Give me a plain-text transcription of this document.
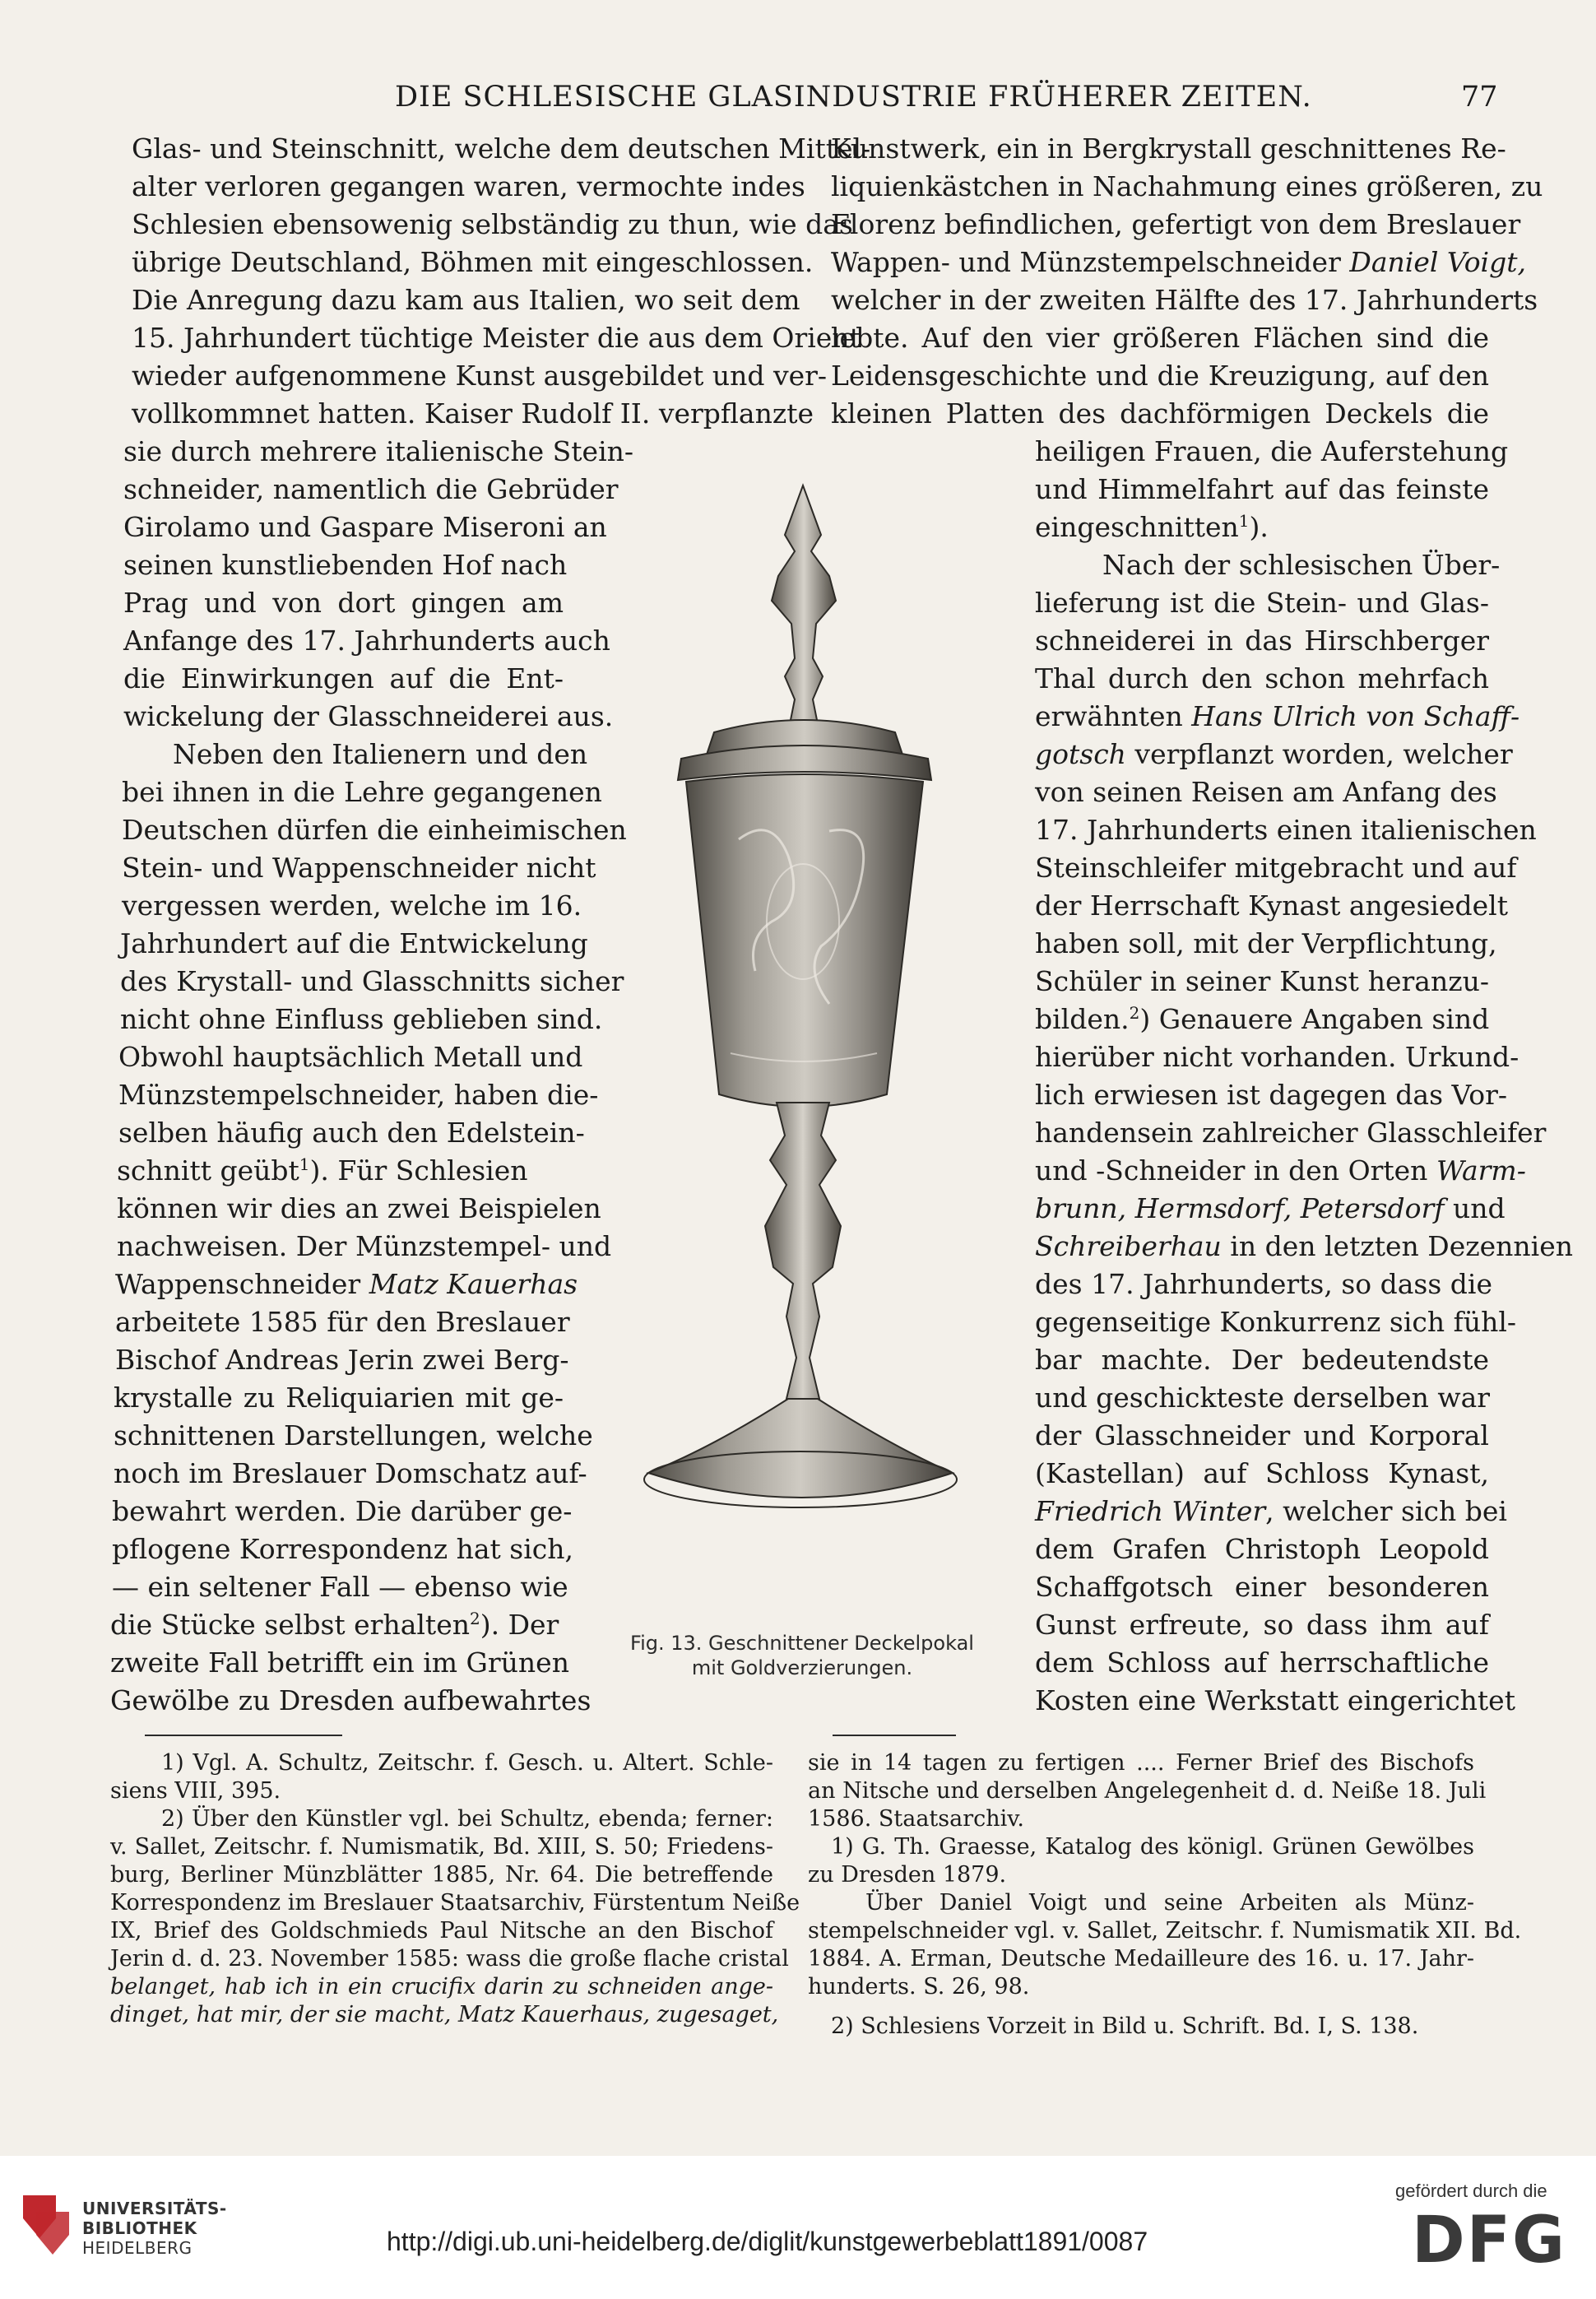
DIE SCHLESISCHE GLASINDUSTRIE FRÜHERER ZEITEN.	77
Glas- und Steinschnitt, welche dem deutschen Mittel-
alter verloren gegangen waren, vermochte indes
Schlesien ebensowenig selbständig zu thun, wie das
übrige Deutschland, Böhmen mit eingeschlossen.
Die Anregung dazu kam aus Italien, wo seit dem
15. Jahrhundert tüchtige Meister die aus dem Orient
wieder aufgenommene Kunst ausgebildet und ver-
vollkommnet hatten. Kaiser Rudolf II. verpflanzte
sie durch mehrere italienische Stein-
schneider, namentlich die Gebrüder
Girolamo und Gaspare Miseroni an
seinen kunstliebenden Hof nach
Prag und von dort gingen am
Anfange des 17. Jahrhunderts auch
die Einwirkungen auf die Ent-
wickelung der Glasschneiderei aus.
Neben den Italienern und den
bei ihnen in die Lehre gegangenen
Deutschen dürfen die einheimischen
Stein- und Wappenschneider nicht
vergessen werden, welche im 16.
Jahrhundert auf die Entwickelung
des Krystall- und Glasschnitts sicher
nicht ohne Einfluss geblieben sind.
Obwohl hauptsächlich Metall und
Münzstempelschneider, haben die-
selben häufig auch den Edelstein-
schnitt geübt$^1$). Für Schlesien
können wir dies an zwei Beispielen
nachweisen. Der Münzstempel- und
Wappenschneider Matz Kauerhas
arbeitete 1585 für den Breslauer
Bischof Andreas Jerin zwei Berg-
krystalle zu Reliquiarien mit ge-
schnittenen Darstellungen, welche
noch im Breslauer Domschatz auf-
bewahrt werden. Die darüber ge-
pflogene Korrespondenz hat sich,
— ein seltener Fall — ebenso wie
die Stücke selbst erhalten$^2$). Der
zweite Fall betrifft ein im Grünen
Gewölbe zu Dresden aufbewahrtes
Fig. 13. Geschnittener Deckelpokal
mit Goldverzierungen.
Kunstwerk, ein in Bergkrystall geschnittenes Re-
liquienkästchen in Nachahmung eines größeren, zu
Florenz befindlichen, gefertigt von dem Breslauer
Wappen- und Münzstempelschneider Daniel Voigt,
welcher in der zweiten Hälfte des 17. Jahrhunderts
lebte. Auf den vier größeren Flächen sind die
Leidensgeschichte und die Kreuzigung, auf den
kleinen Platten des dachförmigen Deckels die
heiligen Frauen, die Auferstehung
und Himmelfahrt auf das feinste
eingeschnitten$^1$).
Nach der schlesischen Über-
lieferung ist die Stein- und Glas-
schneiderei in das Hirschberger
Thal durch den schon mehrfach
erwähnten Hans Ulrich von Schaff-
gotsch verpflanzt worden, welcher
von seinen Reisen am Anfang des
17. Jahrhunderts einen italienischen
Steinschleifer mitgebracht und auf
der Herrschaft Kynast angesiedelt
haben soll, mit der Verpflichtung,
Schüler in seiner Kunst heranzu-
bilden.$^2$) Genauere Angaben sind
hierüber nicht vorhanden. Urkund-
lich erwiesen ist dagegen das Vor-
handensein zahlreicher Glasschleifer
und -Schneider in den Orten Warm-
brunn, Hermsdorf, Petersdorf und
Schreiberhau in den letzten Dezennien
des 17. Jahrhunderts, so dass die
gegenseitige Konkurrenz sich fühl-
bar machte. Der bedeutendste
und geschickteste derselben war
der Glasschneider und Korporal
(Kastellan) auf Schloss Kynast,
Friedrich Winter, welcher sich bei
dem Grafen Christoph Leopold
Schaffgotsch einer besonderen
Gunst erfreute, so dass ihm auf
dem Schloss auf herrschaftliche
Kosten eine Werkstatt eingerichtet
1) Vgl. A. Schultz, Zeitschr. f. Gesch. u. Altert. Schle-
siens VIII, 395.
2) Über den Künstler vgl. bei Schultz, ebenda; ferner:
v. Sallet, Zeitschr. f. Numismatik, Bd. XIII, S. 50; Friedens-
burg, Berliner Münzblätter 1885, Nr. 64. Die betreffende
Korrespondenz im Breslauer Staatsarchiv, Fürstentum Neiße
IX, Brief des Goldschmieds Paul Nitsche an den Bischof
Jerin d. d. 23. November 1585: wass die große flache cristal
belanget, hab ich in ein crucifix darin zu schneiden ange-
dinget, hat mir, der sie macht, Matz Kauerhaus, zugesaget,
sie in 14 tagen zu fertigen .... Ferner Brief des Bischofs
an Nitsche und derselben Angelegenheit d. d. Neiße 18. Juli
1586. Staatsarchiv.
1) G. Th. Graesse, Katalog des königl. Grünen Gewölbes
zu Dresden 1879.
Über Daniel Voigt und seine Arbeiten als Münz-
stempelschneider vgl. v. Sallet, Zeitschr. f. Numismatik XII. Bd.
1884. A. Erman, Deutsche Medailleure des 16. u. 17. Jahr-
hunderts. S. 26, 98.
2) Schlesiens Vorzeit in Bild u. Schrift. Bd. I, S. 138.
UNIVERSITÄTS-
BIBLIOTHEK
HEIDELBERG	http://digi.ub.uni-heidelberg.de/diglit/kunstgewerbeblatt1891/0087
gefördert durch die
DFG
